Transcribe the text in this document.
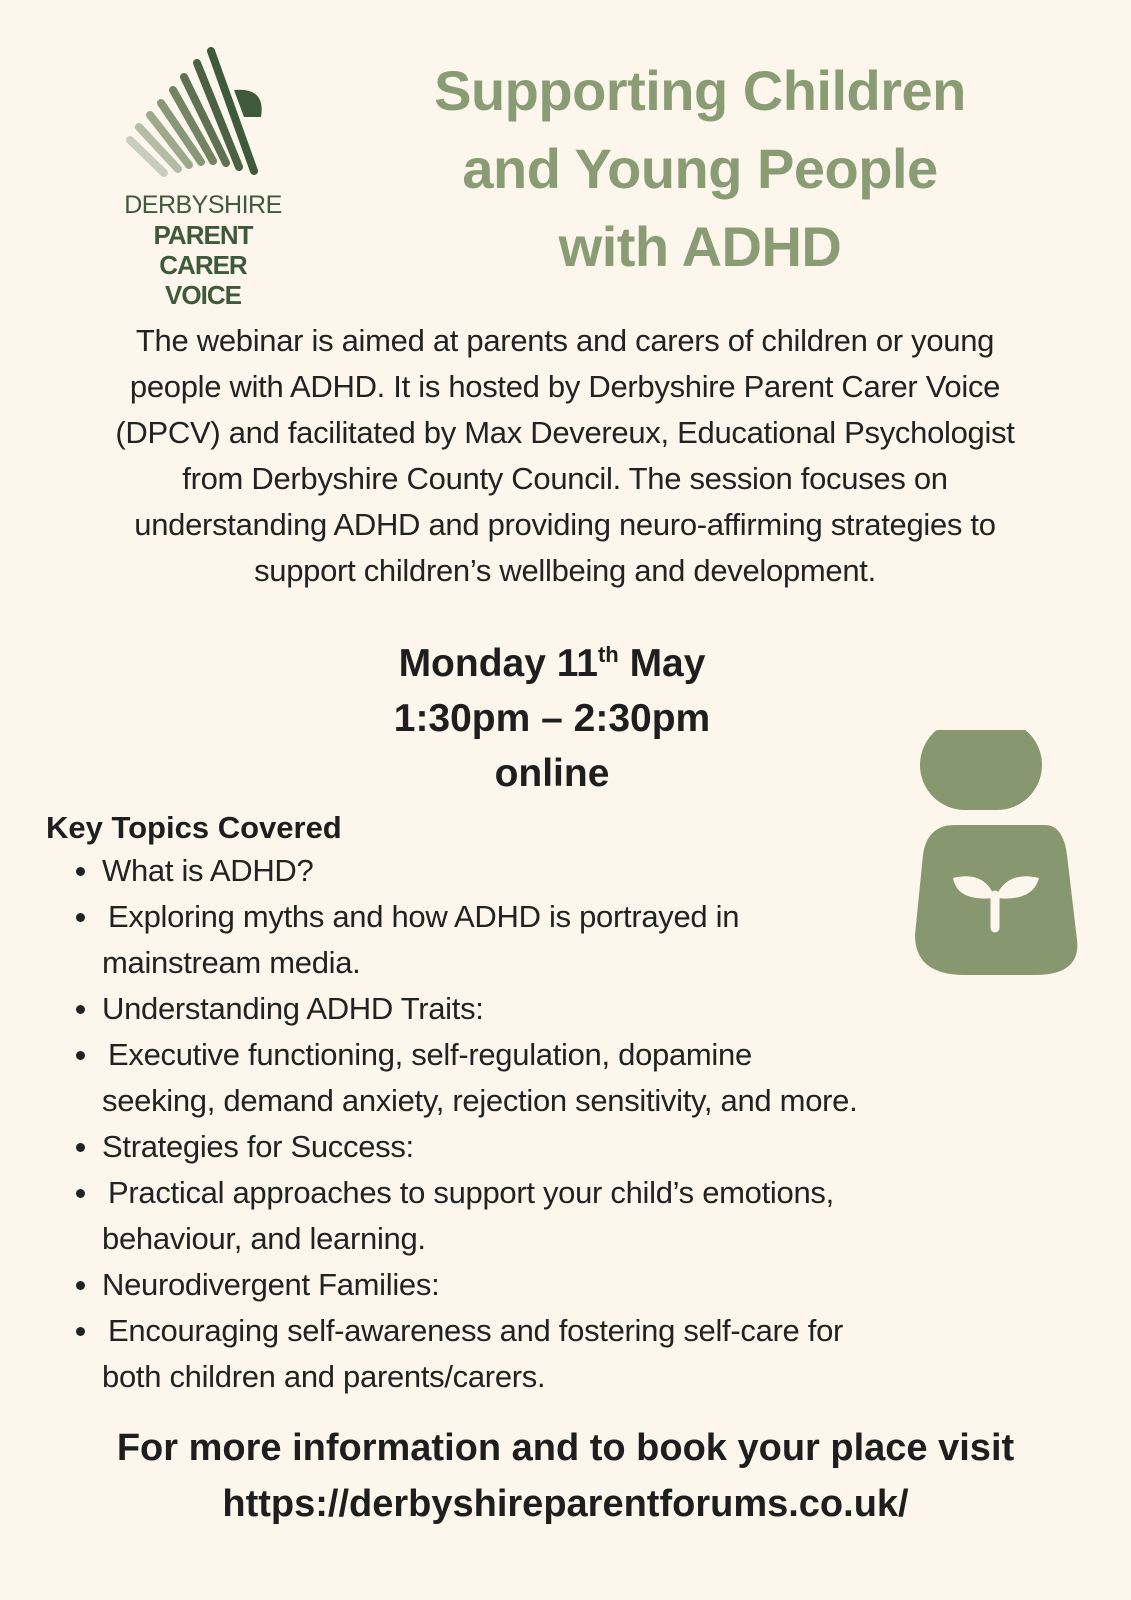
DERBYSHIRE
PARENT CARER
VOICE
Supporting Children
and Young People
with ADHD
The webinar is aimed at parents and carers of children or young
people with ADHD. It is hosted by Derbyshire Parent Carer Voice
(DPCV) and facilitated by Max Devereux, Educational Psychologist
from Derbyshire County Council. The session focuses on
understanding ADHD and providing neuro-affirming strategies to
support children’s wellbeing and development.
Monday 11th May
1:30pm – 2:30pm
online
Key Topics Covered
What is ADHD?
Exploring myths and how ADHD is portrayed in
mainstream media.
Understanding ADHD Traits:
Executive functioning, self-regulation, dopamine
seeking, demand anxiety, rejection sensitivity, and more.
Strategies for Success:
Practical approaches to support your child’s emotions,
behaviour, and learning.
Neurodivergent Families:
Encouraging self-awareness and fostering self-care for
both children and parents/carers.
For more information and to book your place visit
https://derbyshireparentforums.co.uk/
